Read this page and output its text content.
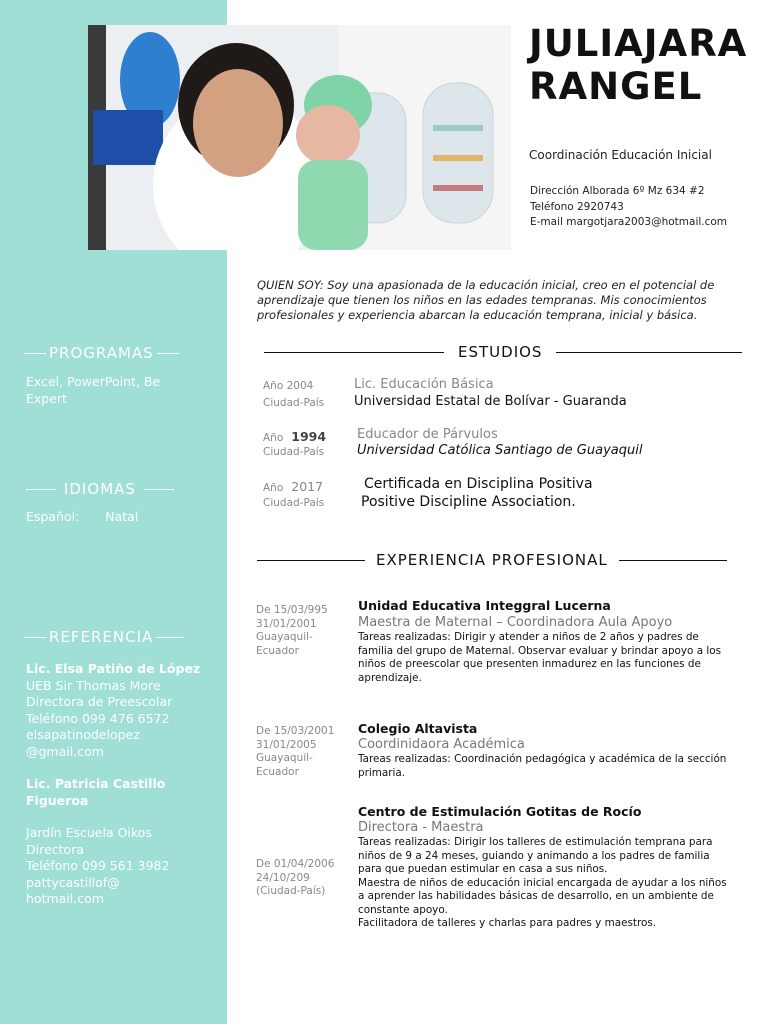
JULIAJARA
RANGEL
Coordinación Educación Inicial
Dirección Alborada 6º Mz 634 #2
Teléfono 2920743
E-mail margotjara2003@hotmail.com
QUIEN SOY: Soy una apasionada de la educación inicial, creo en el potencial de aprendizaje que tienen los niños en las edades tempranas. Mis conocimientos profesionales y experiencia abarcan la educación temprana, inicial y básica.
PROGRAMAS
Excel, PowerPoint, Be Expert
IDIOMAS
Español: Natal
REFERENCIA
Lic. Elsa Patiño de López
UEB Sir Thomas More
Directora de Preescolar
Teléfono 099 476 6572
elsapatinodelopez
@gmail.com
Lic. Patricia Castillo Figueroa
Jardín Escuela Oikos
Directora
Teléfono 099 561 3982
pattycastillof@
hotmail.com
ESTUDIOS
Año 2004
Ciudad-País
Lic. Educación Básica
Universidad Estatal de Bolívar - Guaranda
Año 1994
Ciudad-País
Educador de Párvulos
Universidad Católica Santiago de Guayaquil
Año 2017
Ciudad-País
Certificada en Disciplina Positiva
Positive Discipline Association.
EXPERIENCIA PROFESIONAL
De 15/03/995
31/01/2001
Guayaquil-
Ecuador
Unidad Educativa Integgral Lucerna
Maestra de Maternal – Coordinadora Aula Apoyo
Tareas realizadas: Dirigir y atender a niños de 2 años y padres de familia del grupo de Maternal. Observar evaluar y brindar apoyo a los niños de preescolar que presenten inmadurez en las funciones de aprendizaje.
De 15/03/2001
31/01/2005
Guayaquil-
Ecuador
Colegio Altavista
Coordinidaora Académica
Tareas realizadas: Coordinación pedagógica y académica de la sección primaria.
De 01/04/2006
24/10/209
(Ciudad-País)
Centro de Estimulación Gotitas de Rocío
Directora - Maestra
Tareas realizadas: Dirigir los talleres de estimulación temprana para niños de 9 a 24 meses, guiando y animando a los padres de familia para que puedan estimular en casa a sus niños.
Maestra de niños de educación inicial encargada de ayudar a los niños a aprender las habilidades básicas de desarrollo, en un ambiente de constante apoyo.
Facilitadora de talleres y charlas para padres y maestros.
